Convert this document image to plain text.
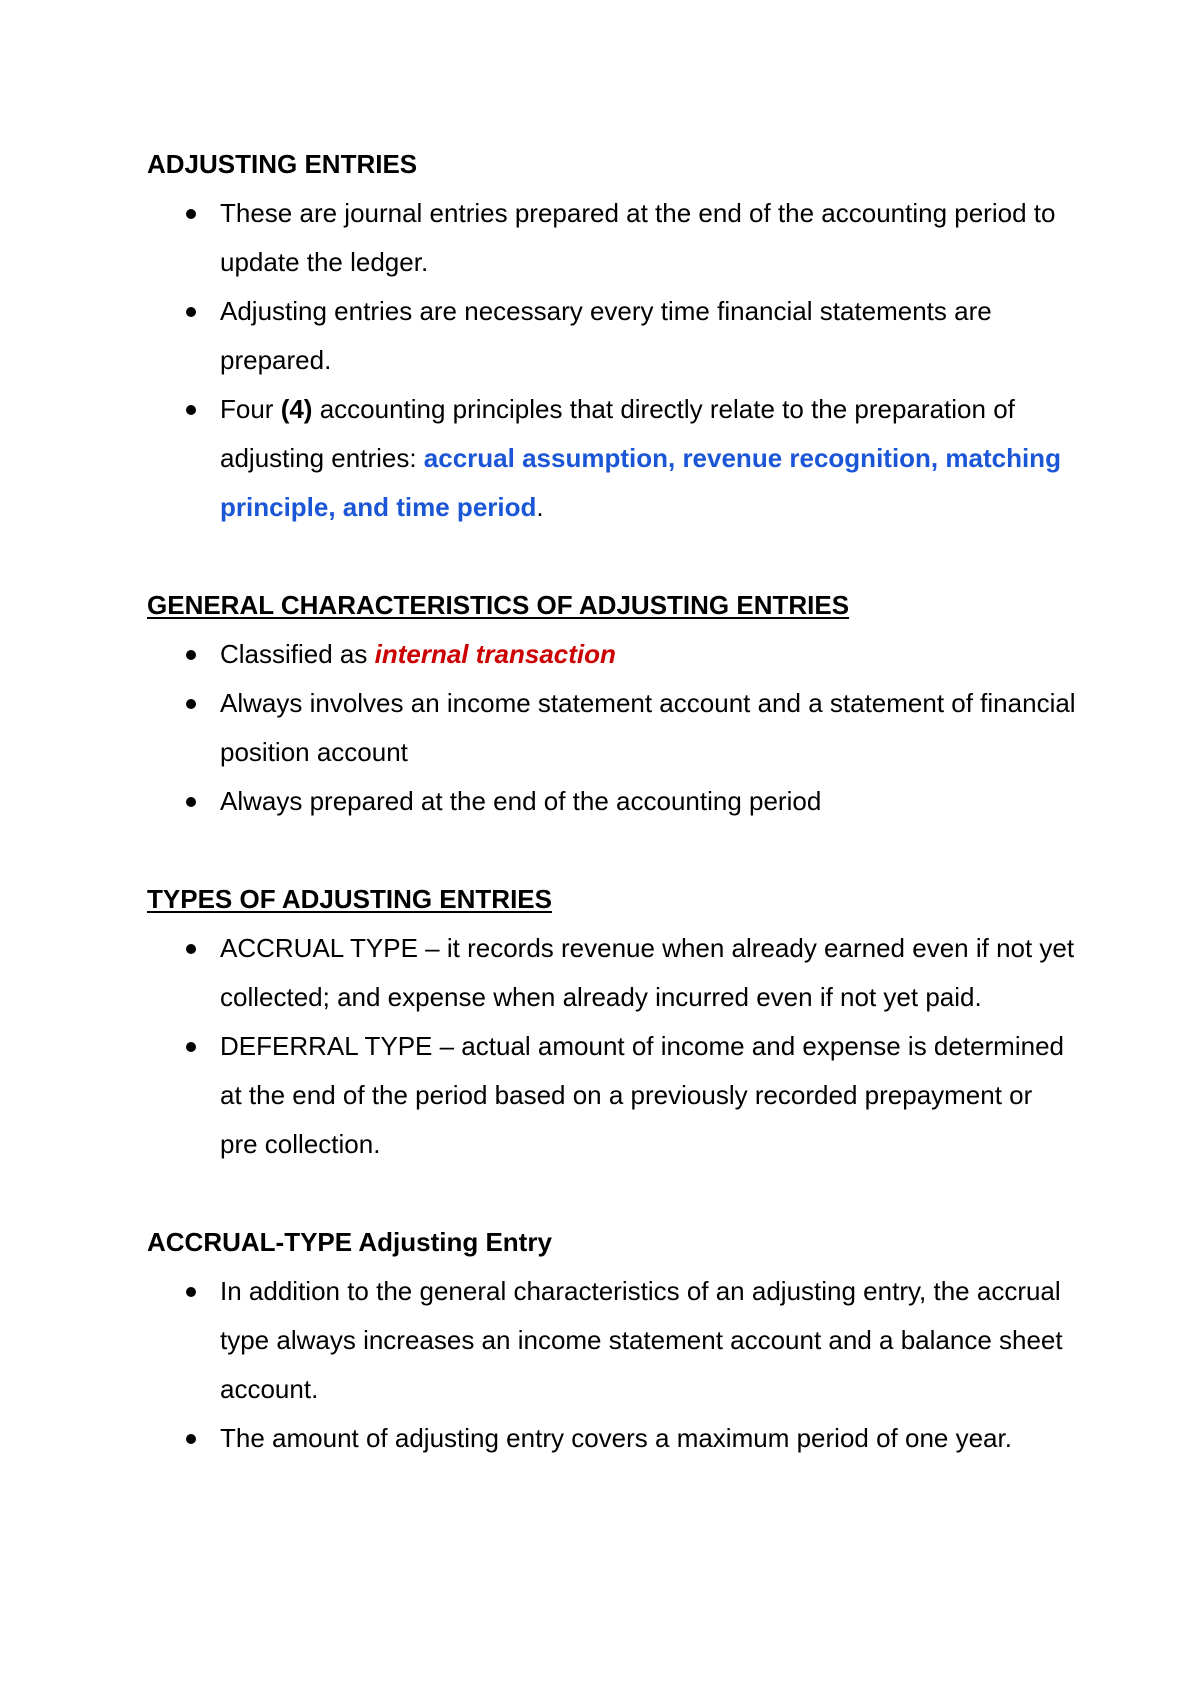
ADJUSTING ENTRIES

These are journal entries prepared at the end of the accounting period to update the ledger.
Adjusting entries are necessary every time financial statements are prepared.
Four (4) accounting principles that directly relate to the preparation of adjusting entries: accrual assumption, revenue recognition, matching principle, and time period.

GENERAL CHARACTERISTICS OF ADJUSTING ENTRIES

Classified as internal transaction
Always involves an income statement account and a statement of financial position account
Always prepared at the end of the accounting period

TYPES OF ADJUSTING ENTRIES

ACCRUAL TYPE – it records revenue when already earned even if not yet collected; and expense when already incurred even if not yet paid.
DEFERRAL TYPE – actual amount of income and expense is determined at the end of the period based on a previously recorded prepayment or pre collection.

ACCRUAL-TYPE Adjusting Entry

In addition to the general characteristics of an adjusting entry, the accrual type always increases an income statement account and a balance sheet account.
The amount of adjusting entry covers a maximum period of one year.
